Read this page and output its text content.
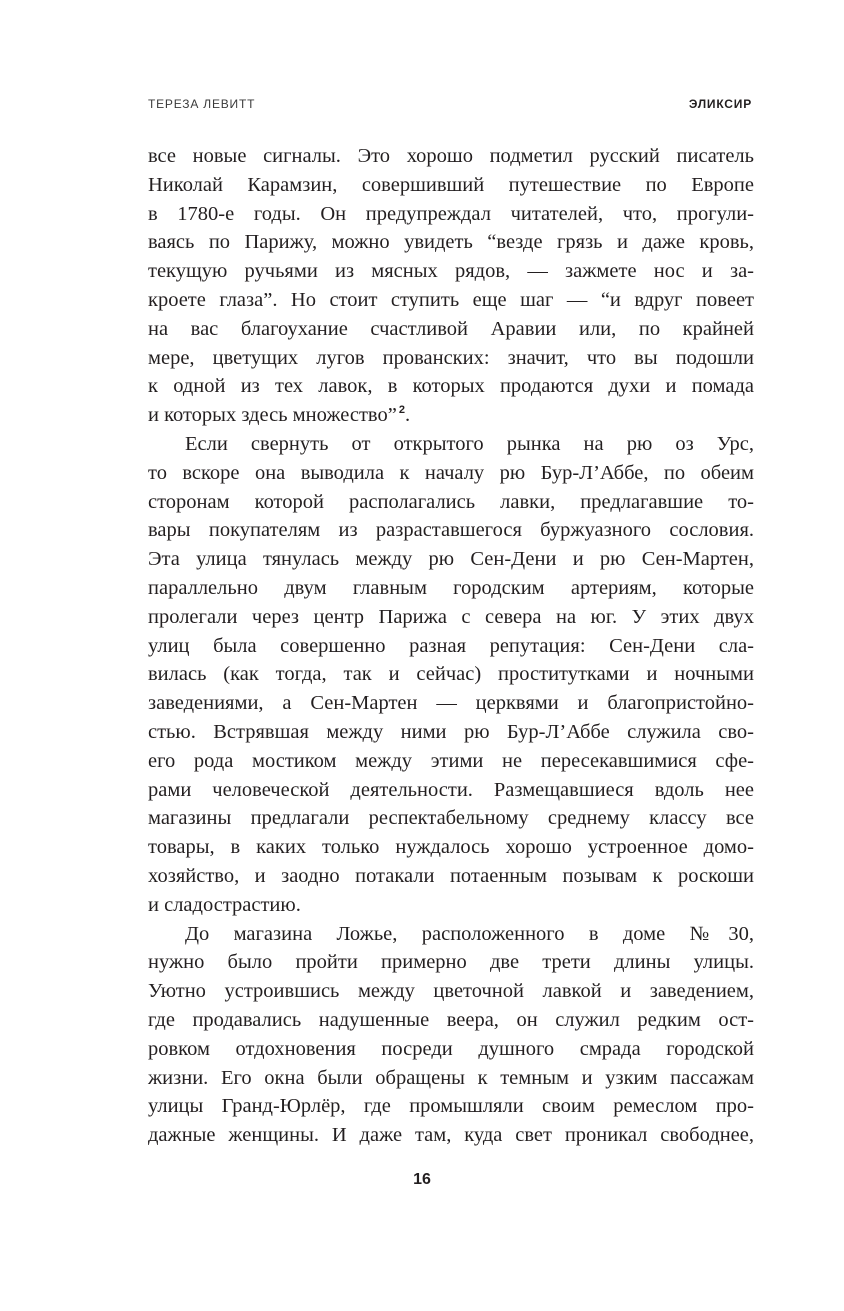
ТЕРЕЗА ЛЕВИТТ	ЭЛИКСИР
все новые сигналы. Это хорошо подметил русский писатель
Николай Карамзин, совершивший путешествие по Европе
в 1780-е годы. Он предупреждал читателей, что, прогули-
ваясь по Парижу, можно увидеть “везде грязь и даже кровь,
текущую ручьями из мясных рядов, — зажмете нос и за-
кроете глаза”. Но стоит ступить еще шаг — “и вдруг повеет
на вас благоухание счастливой Аравии или, по крайней
мере, цветущих лугов прованских: значит, что вы подошли
к одной из тех лавок, в которых продаются духи и помада
и которых здесь множество” $^2$.
Если свернуть от открытого рынка на рю оз Урс,
то вскоре она выводила к началу рю Бур-Л’Аббе, по обеим
сторонам которой располагались лавки, предлагавшие то-
вары покупателям из разраставшегося буржуазного сословия.
Эта улица тянулась между рю Сен-Дени и рю Сен-Мартен,
параллельно двум главным городским артериям, которые
пролегали через центр Парижа с севера на юг. У этих двух
улиц была совершенно разная репутация: Сен-Дени сла-
вилась (как тогда, так и сейчас) проститутками и ночными
заведениями, а Сен-Мартен — церквями и благопристойно-
стью. Встрявшая между ними рю Бур-Л’Аббе служила сво-
его рода мостиком между этими не пересекавшимися сфе-
рами человеческой деятельности. Размещавшиеся вдоль нее
магазины предлагали респектабельному среднему классу все
товары, в каких только нуждалось хорошо устроенное домо-
хозяйство, и заодно потакали потаенным позывам к роскоши
и сладострастию.
До магазина Ложье, расположенного в доме №30,
нужно было пройти примерно две трети длины улицы.
Уютно устроившись между цветочной лавкой и заведением,
где продавались надушенные веера, он служил редким ост-
ровком отдохновения посреди душного смрада городской
жизни. Его окна были обращены к темным и узким пассажам
улицы Гранд-Юрлёр, где промышляли своим ремеслом про-
дажные женщины. И даже там, куда свет проникал свободнее,
16
